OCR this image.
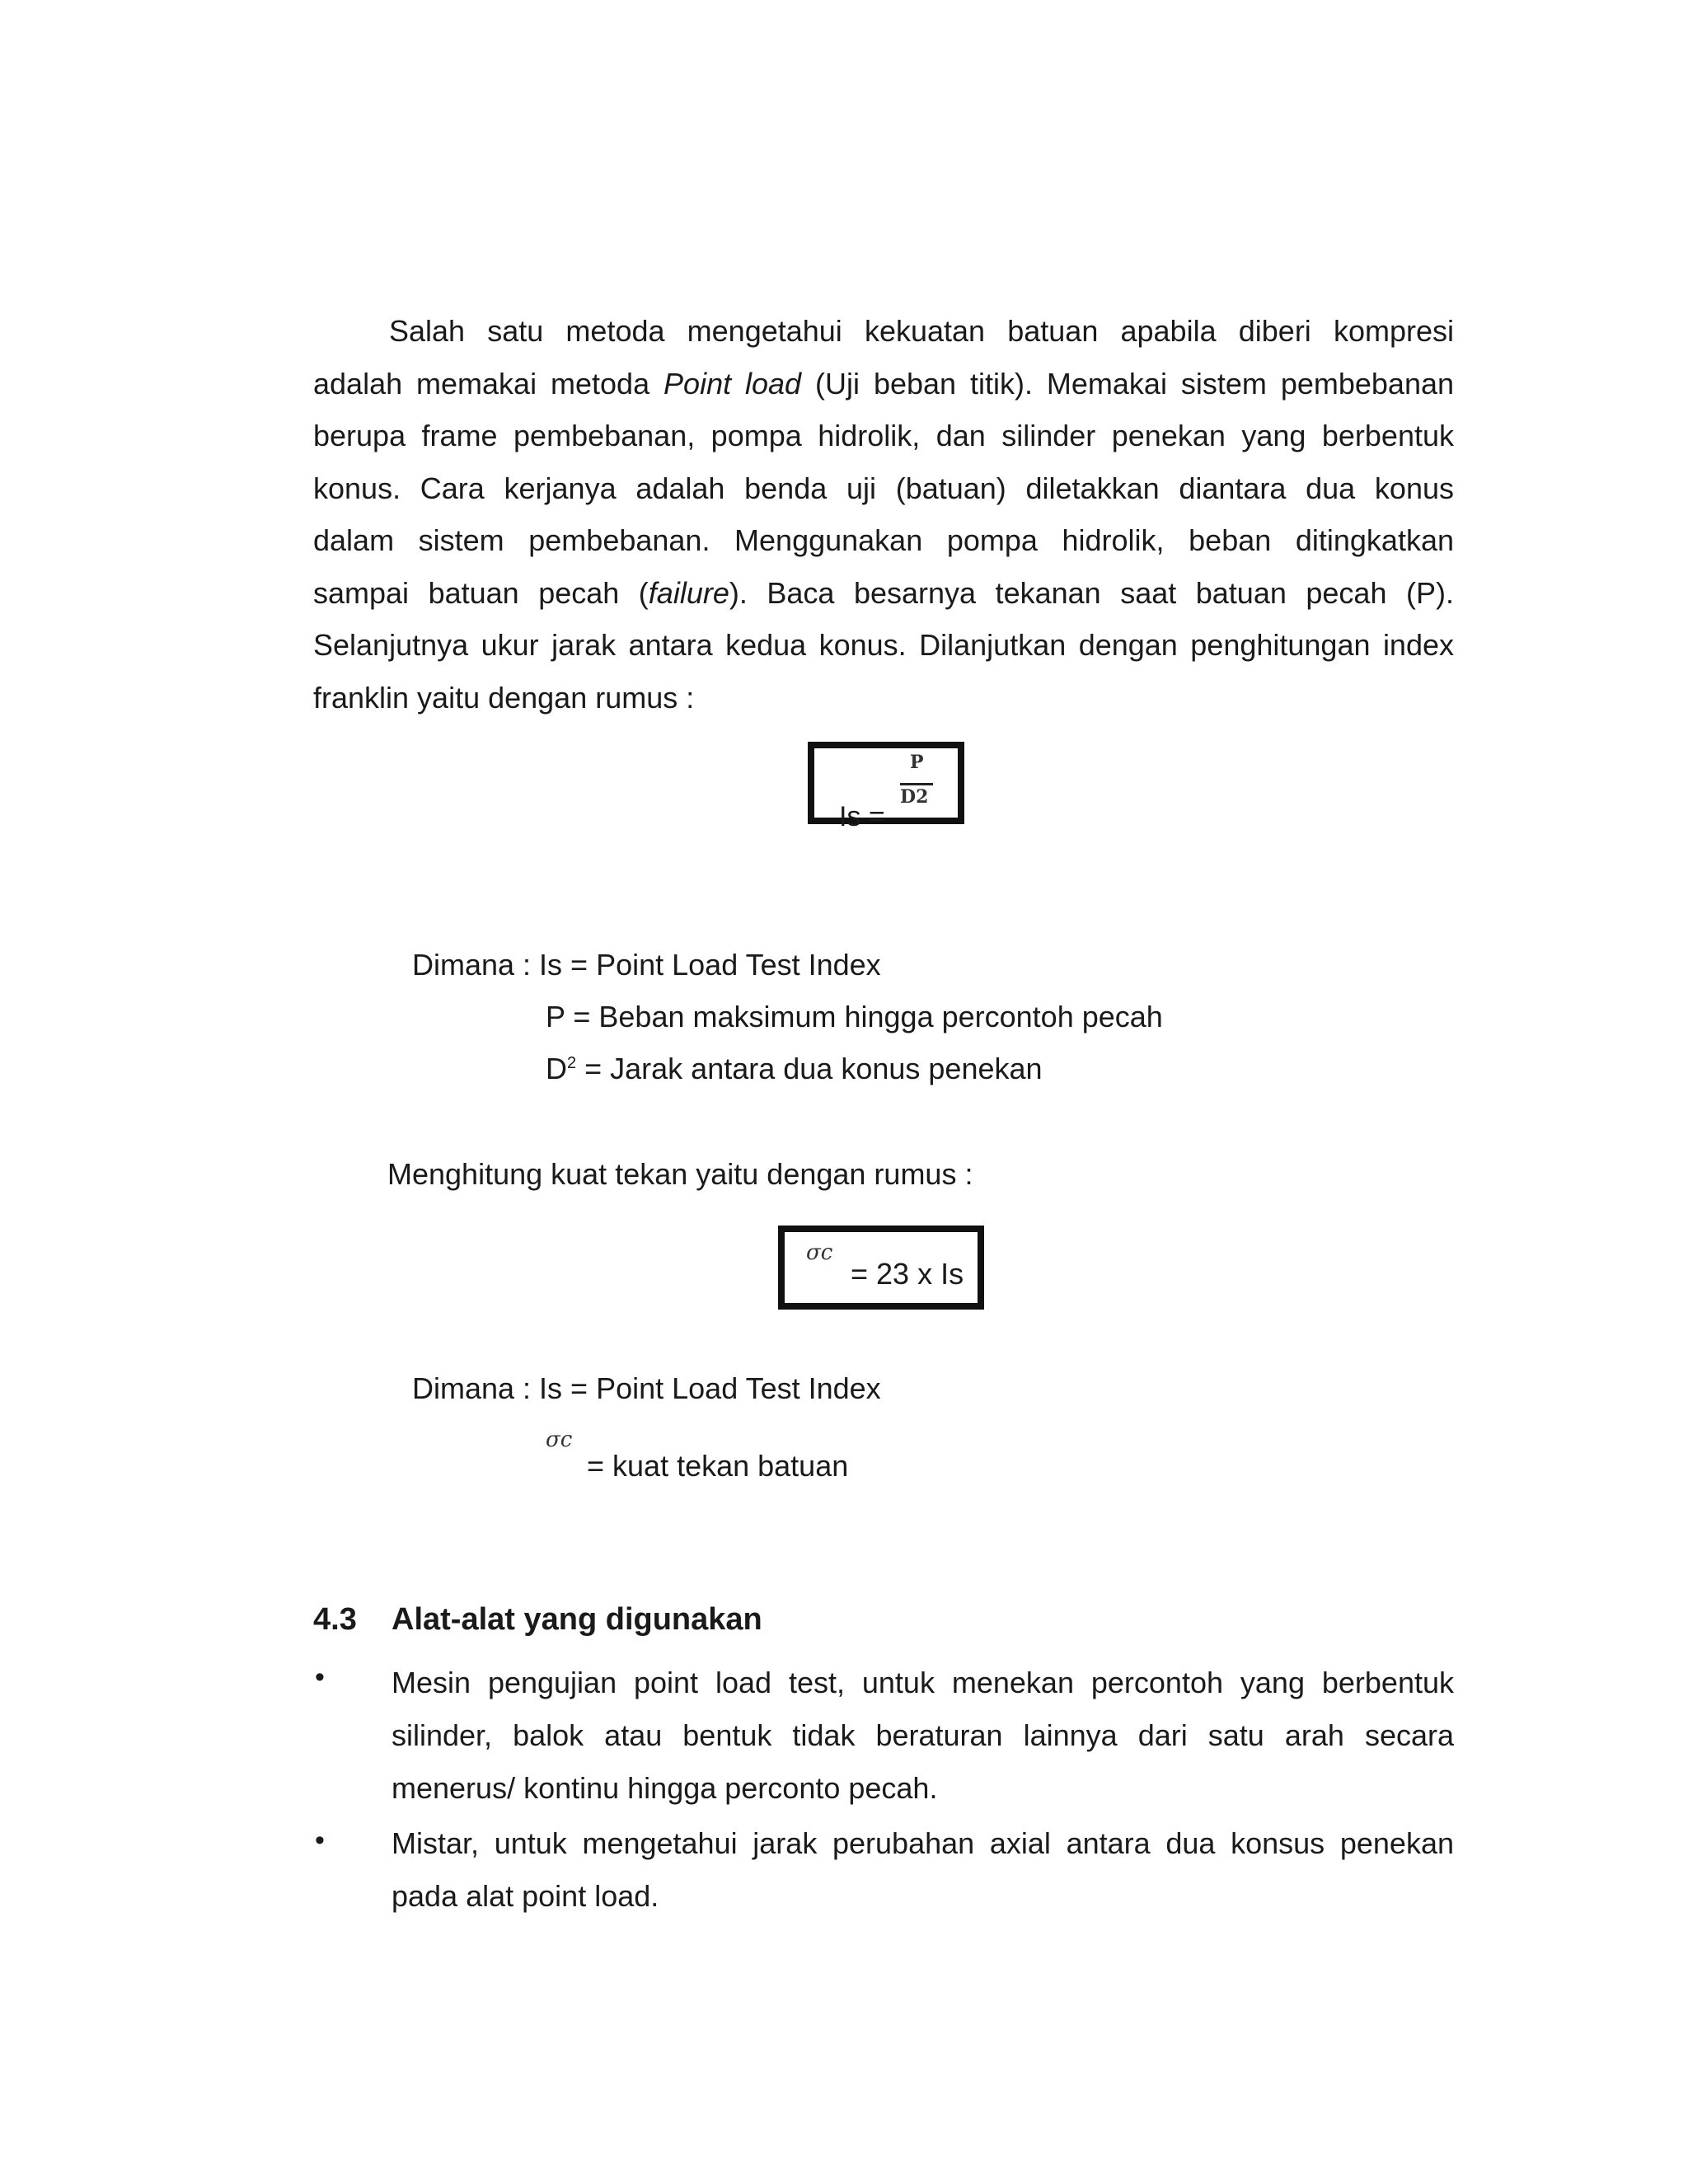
Salah satu metoda mengetahui kekuatan batuan apabila diberi kompresi
adalah memakai metoda Point load (Uji beban titik). Memakai sistem pembebanan
berupa frame pembebanan, pompa hidrolik, dan silinder penekan yang berbentuk
konus. Cara kerjanya adalah benda uji (batuan) diletakkan diantara dua konus
dalam sistem pembebanan. Menggunakan pompa hidrolik, beban ditingkatkan
sampai batuan pecah (failure). Baca besarnya tekanan saat batuan pecah (P).
Selanjutnya ukur jarak antara kedua konus. Dilanjutkan dengan penghitungan index
franklin yaitu dengan rumus :
P
D2
Is =
Dimana : Is = Point Load Test Index
P = Beban maksimum hingga percontoh pecah
$D^2$ = Jarak antara dua konus penekan
Menghitung kuat tekan yaitu dengan rumus :
σc
= 23 x Is
Dimana : Is = Point Load Test Index
σc
= kuat tekan batuan
4.3 Alat-alat yang digunakan
• Mesin pengujian point load test, untuk menekan percontoh yang berbentuk
silinder, balok atau bentuk tidak beraturan lainnya dari satu arah secara
menerus/ kontinu hingga perconto pecah.
• Mistar, untuk mengetahui jarak perubahan axial antara dua konsus penekan
pada alat point load.
